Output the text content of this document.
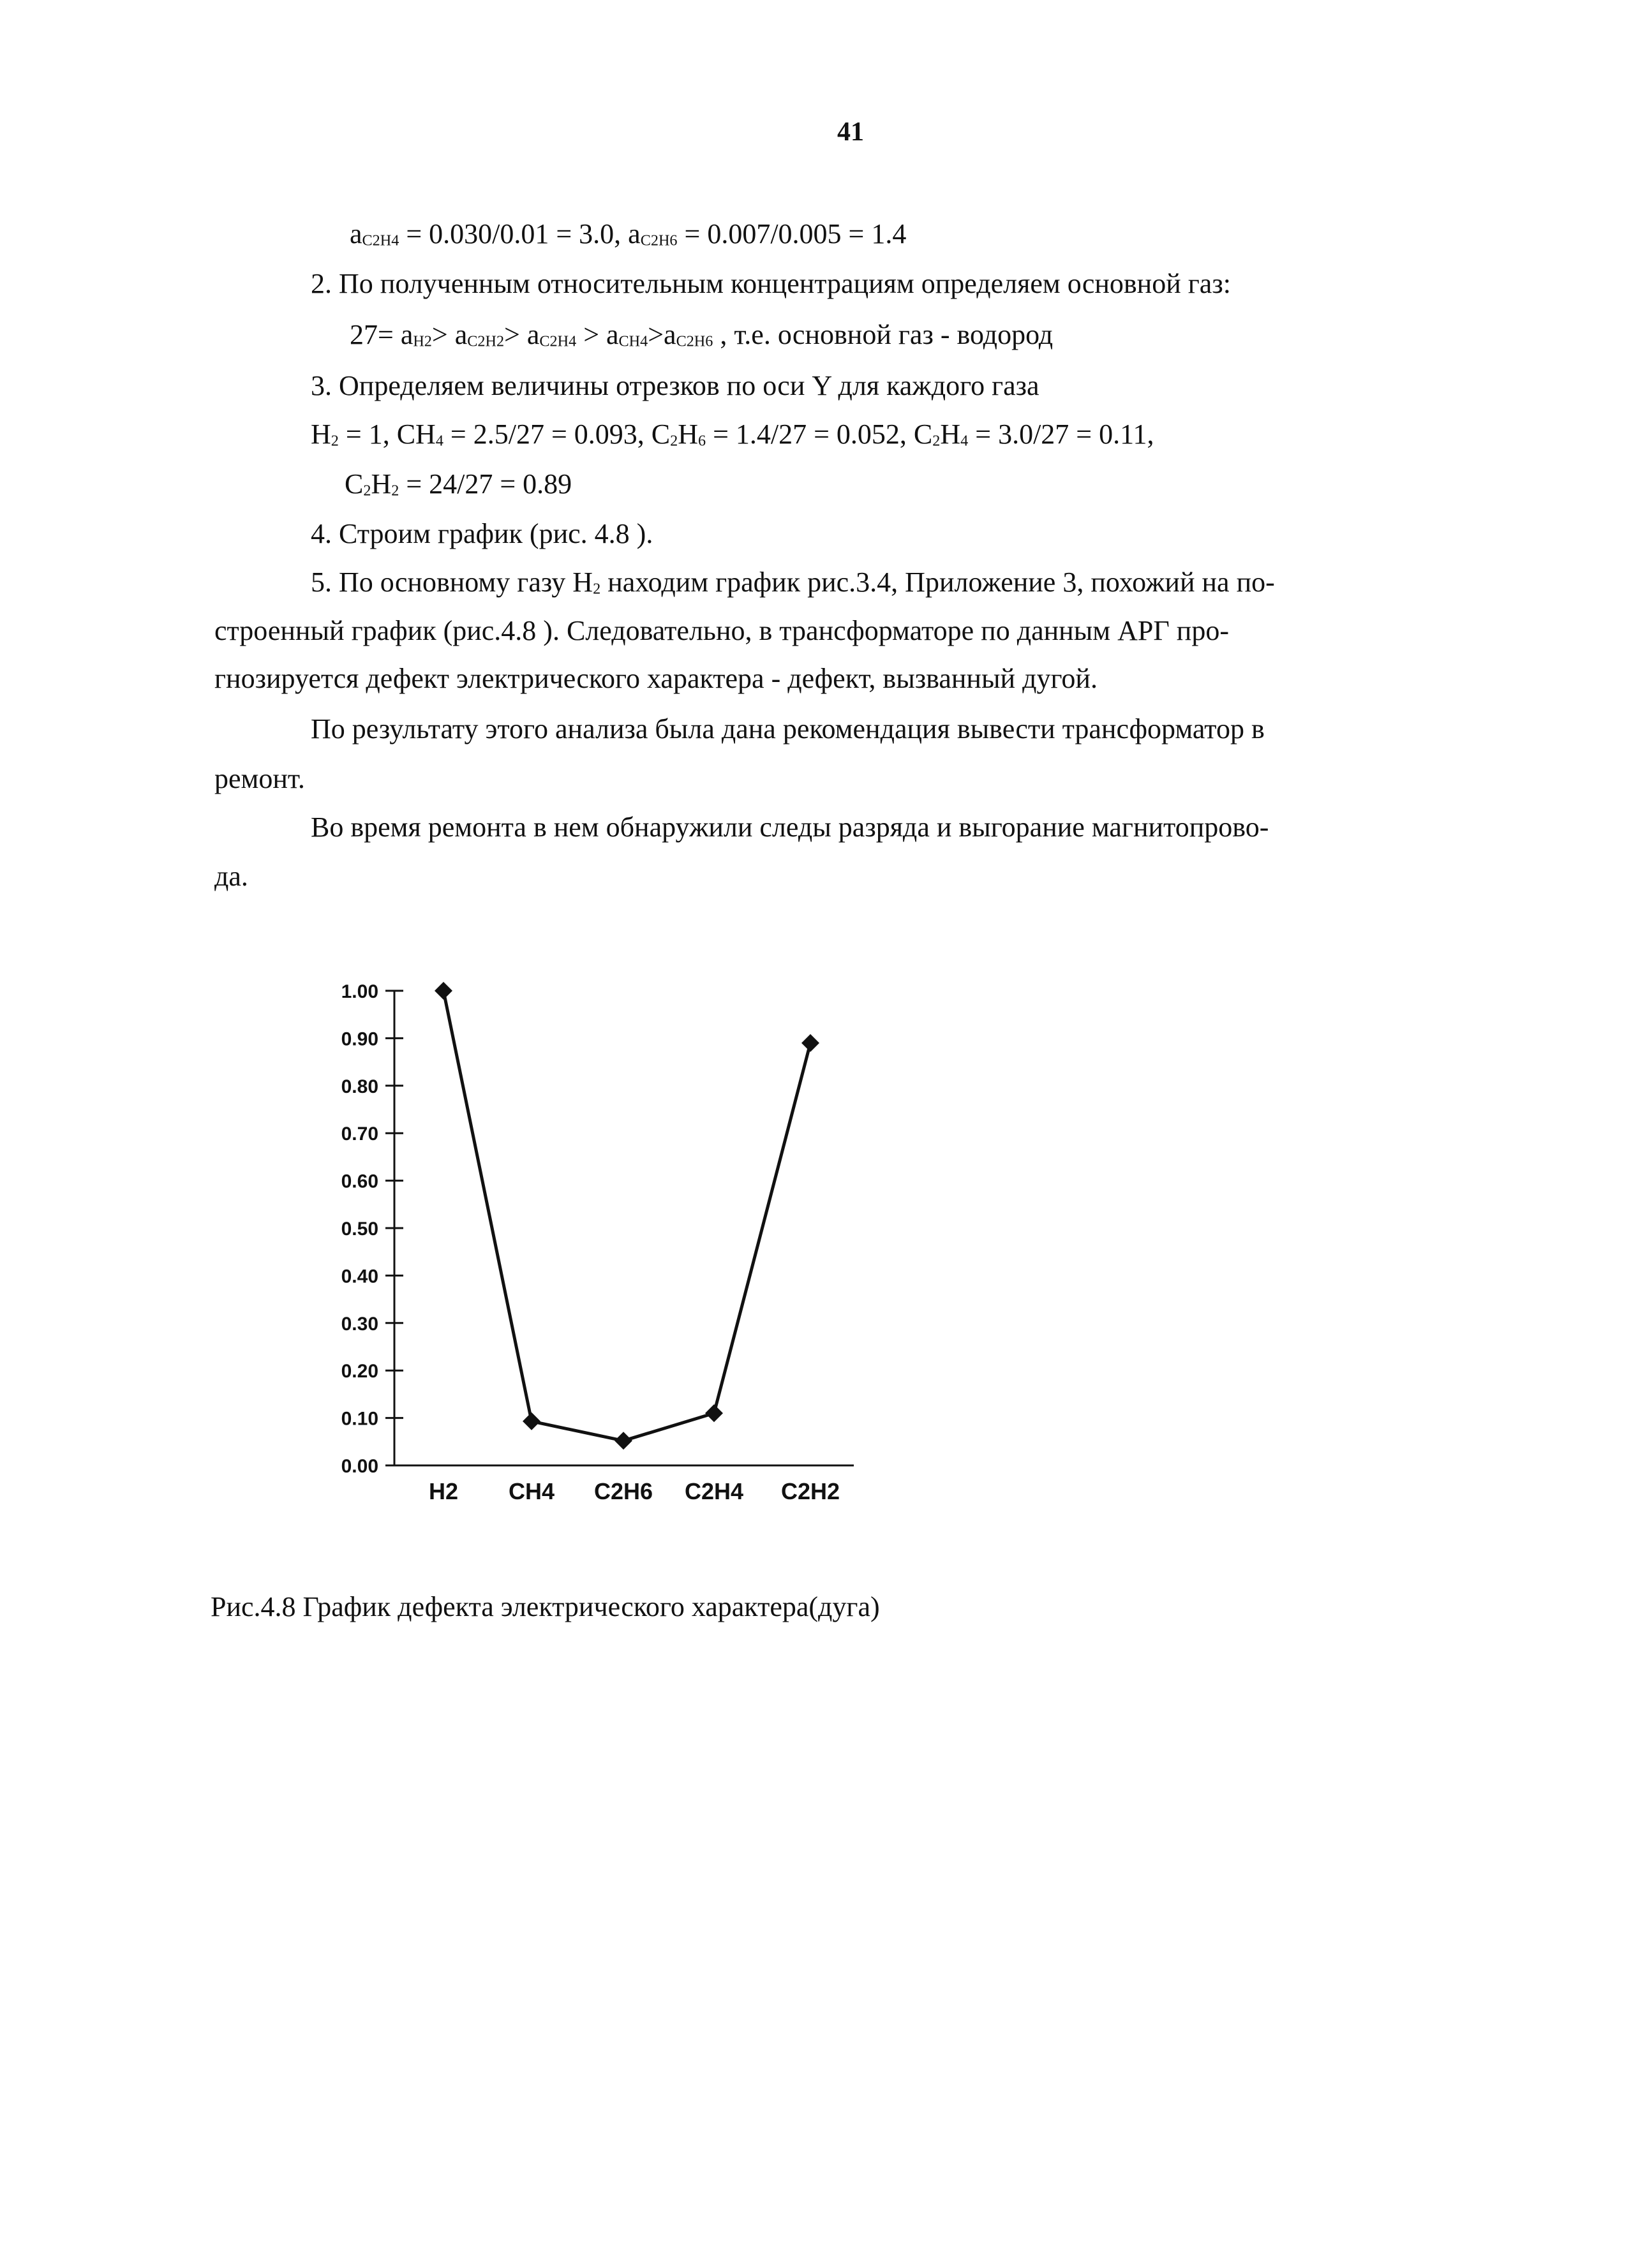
41
$a_{C2H4} = 0.030/0.01 = 3.0$, $a_{C2H6} = 0.007/0.005 = 1.4$
2. По полученным относительным концентрациям определяем основной газ:
$27= a_{H2}> a_{C2H2}> a_{C2H4} > a_{CH4}>a_{C2H6}$ , т.е. основной газ - водород
3. Определяем величины отрезков по оси Y для каждого газа
$H_2 = 1$, $CH_4 = 2.5/27 = 0.093$, $C_2H_6 = 1.4/27 = 0.052$, $C_2H_4 = 3.0/27 = 0.11$,
$C_2H_2 = 24/27 = 0.89$
4. Строим график (рис. 4.8 ).
5. По основному газу $H_2$ находим график рис.3.4, Приложение 3, похожий на по-
строенный график (рис.4.8 ). Следовательно, в трансформаторе по данным АРГ про-
гнозируется дефект электрического характера - дефект, вызванный дугой.
По результату этого анализа была дана рекомендация вывести трансформатор в
ремонт.
Во время ремонта в нем обнаружили следы разряда и выгорание магнитопрово-
да.
0.00
0.10
0.20
0.30
0.40
0.50
0.60
0.70
0.80
0.90
1.00
H2 CH4 C2H6 C2H4 C2H2
Рис.4.8 График дефекта электрического характера(дуга)
